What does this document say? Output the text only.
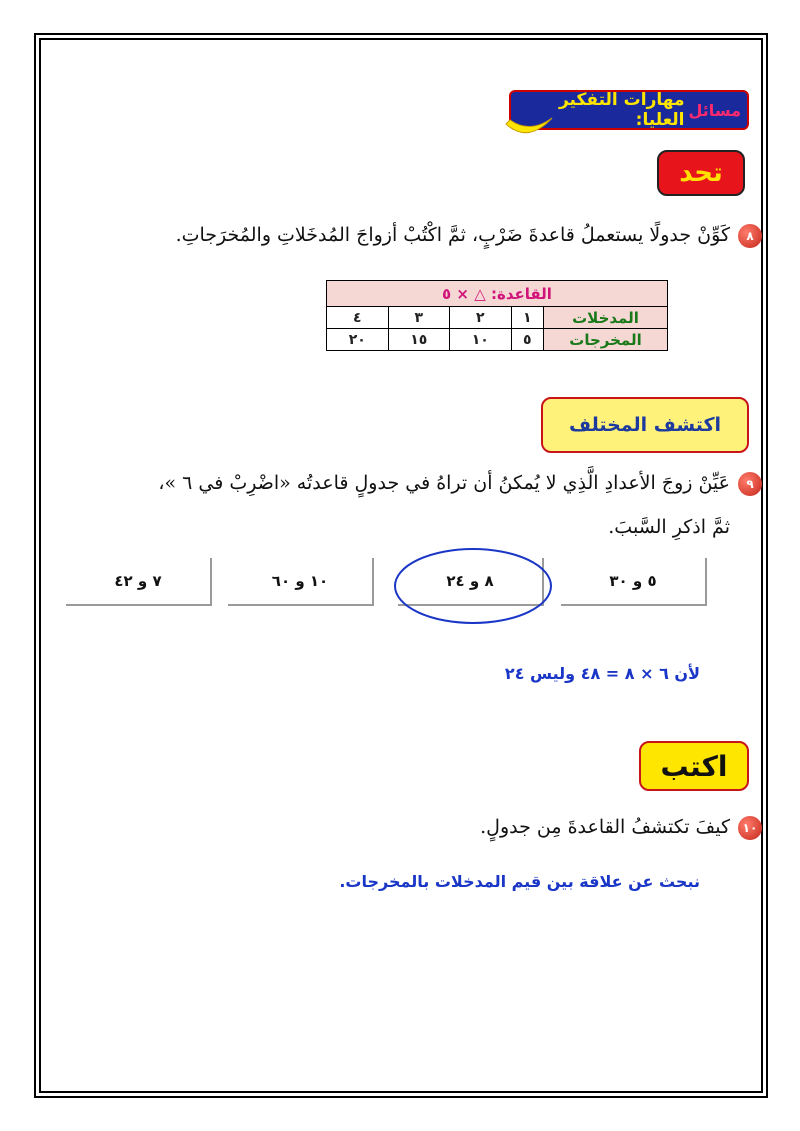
مسائل
مهارات التفكير العليا:
تحد
٨كَوِّنْ جدولًا يستعملُ قاعدةَ ضَرْبٍ، ثمَّ اكْتُبْ أزواجَ المُدخَلاتِ والمُخرَجاتِ.
القاعدة: △ × ٥				
المدخلات	١	٢	٣	٤
المخرجات	٥	١٠	١٥	٢٠
اكتشف المختلف
٩عَيِّنْ زوجَ الأعدادِ الَّذِي لا يُمكنُ أن تراهُ في جدولٍ قاعدتُه «اضْرِبْ في ٦ »،
ثمَّ اذكرِ السَّببَ.
٥ و ٣٠
٨ و ٢٤
١٠ و ٦٠
٧ و ٤٢
لأن ٦ × ٨ = ٤٨ وليس ٢٤
اكتب
١٠كيفَ تكتشفُ القاعدةَ مِن جدولٍ.
نبحث عن علاقة بين قيم المدخلات بالمخرجات.
